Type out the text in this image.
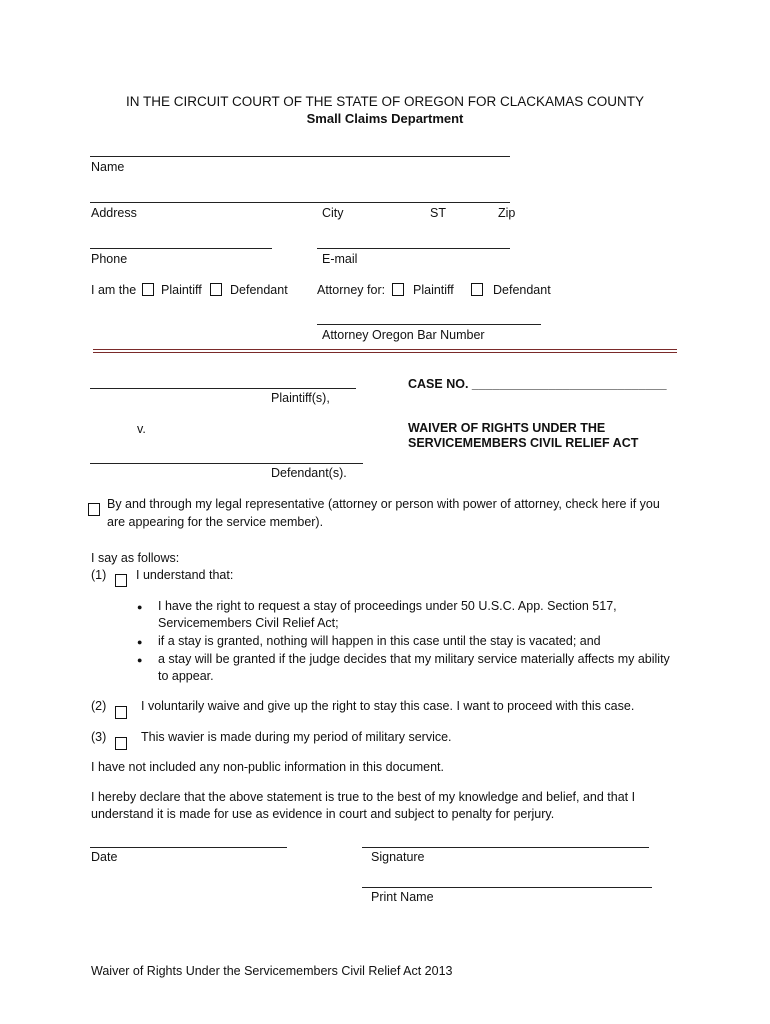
IN THE CIRCUIT COURT OF THE STATE OF OREGON FOR CLACKAMAS COUNTY
Small Claims Department
Name
Address	City	ST	Zip
Phone	E-mail
I am the Plaintiff Defendant Attorney for: Plaintiff	Defendant
Attorney Oregon Bar Number
Plaintiff(s),
CASE NO. ____________________________
v.	WAIVER OF RIGHTS UNDER THE
SERVICEMEMBERS CIVIL RELIEF ACT
Defendant(s).
By and through my legal representative (attorney or person with power of attorney, check here if you
are appearing for the service member).
I say as follows:
(1) I understand that:
● I have the right to request a stay of proceedings under 50 U.S.C. App. Section 517,
Servicemembers Civil Relief Act;
● if a stay is granted, nothing will happen in this case until the stay is vacated; and
● a stay will be granted if the judge decides that my military service materially affects my ability
to appear.
(2)	I voluntarily waive and give up the right to stay this case. I want to proceed with this case.
(3)	This wavier is made during my period of military service.
I have not included any non-public information in this document.
I hereby declare that the above statement is true to the best of my knowledge and belief, and that I
understand it is made for use as evidence in court and subject to penalty for perjury.
Date	Signature
Print Name
Waiver of Rights Under the Servicemembers Civil Relief Act 2013
